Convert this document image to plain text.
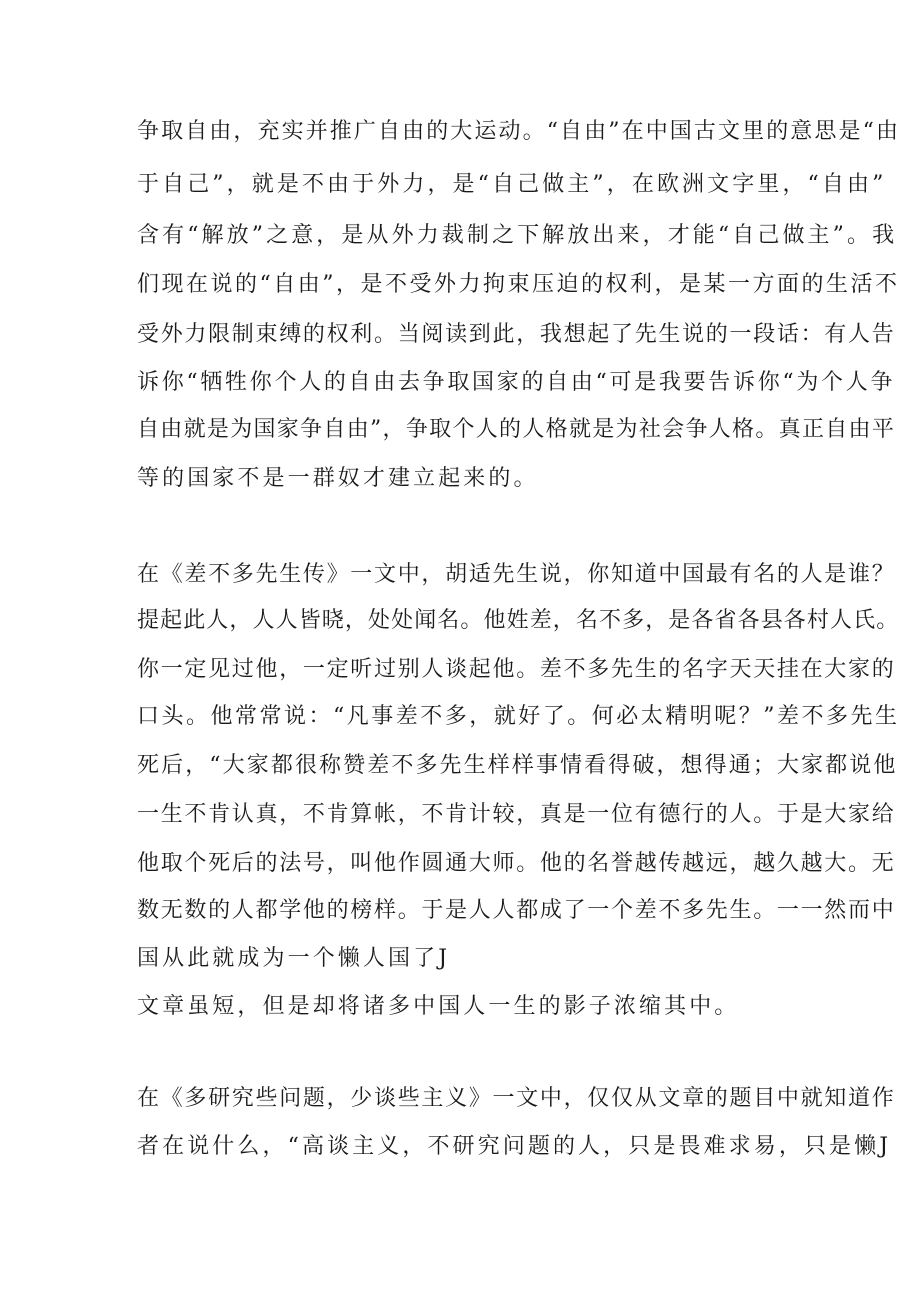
争取自由，充实并推广自由的大运动。“自由”在中国古文里的意思是“由
于自己”，就是不由于外力，是“自己做主”，在欧洲文字里，“自由”
含有“解放”之意，是从外力裁制之下解放出来，才能“自己做主”。我
们现在说的“自由”，是不受外力拘束压迫的权利，是某一方面的生活不
受外力限制束缚的权利。当阅读到此，我想起了先生说的一段话：有人告
诉你“牺牲你个人的自由去争取国家的自由“可是我要告诉你“为个人争
自由就是为国家争自由”，争取个人的人格就是为社会争人格。真正自由平
等的国家不是一群奴才建立起来的。
在《差不多先生传》一文中，胡适先生说，你知道中国最有名的人是谁？
提起此人，人人皆晓，处处闻名。他姓差，名不多，是各省各县各村人氏。
你一定见过他，一定听过别人谈起他。差不多先生的名字天天挂在大家的
口头。他常常说：“凡事差不多，就好了。何必太精明呢？”差不多先生
死后，“大家都很称赞差不多先生样样事情看得破，想得通；大家都说他
一生不肯认真，不肯算帐，不肯计较，真是一位有德行的人。于是大家给
他取个死后的法号，叫他作圆通大师。他的名誉越传越远，越久越大。无
数无数的人都学他的榜样。于是人人都成了一个差不多先生。一一然而中
国从此就成为一个懒人国了J
文章虽短，但是却将诸多中国人一生的影子浓缩其中。
在《多研究些问题，少谈些主义》一文中，仅仅从文章的题目中就知道作
者在说什么，“高谈主义，不研究问题的人，只是畏难求易，只是懒J
